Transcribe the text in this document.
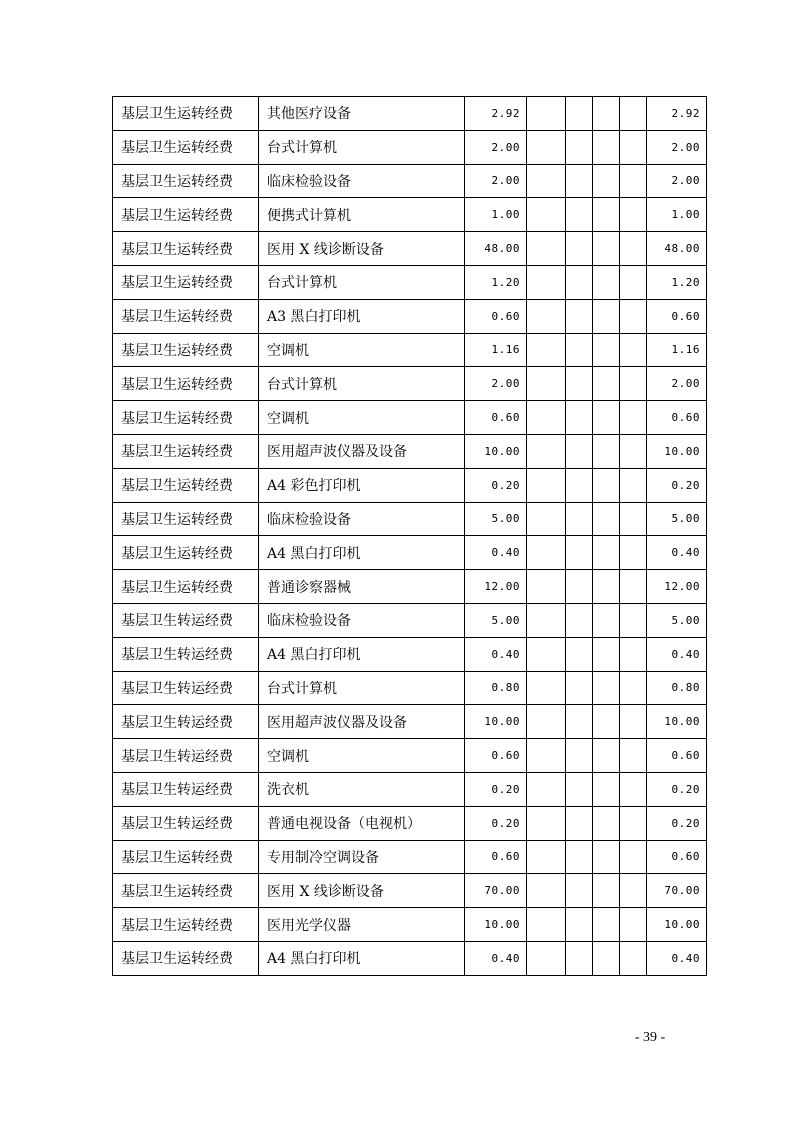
基层卫生运转经费	其他医疗设备	2.92					2.92
基层卫生运转经费	台式计算机	2.00					2.00
基层卫生运转经费	临床检验设备	2.00					2.00
基层卫生运转经费	便携式计算机	1.00					1.00
基层卫生运转经费	医用 X 线诊断设备	48.00					48.00
基层卫生运转经费	台式计算机	1.20					1.20
基层卫生运转经费	A3 黑白打印机	0.60					0.60
基层卫生运转经费	空调机	1.16					1.16
基层卫生运转经费	台式计算机	2.00					2.00
基层卫生运转经费	空调机	0.60					0.60
基层卫生运转经费	医用超声波仪器及设备	10.00					10.00
基层卫生运转经费	A4 彩色打印机	0.20					0.20
基层卫生运转经费	临床检验设备	5.00					5.00
基层卫生运转经费	A4 黑白打印机	0.40					0.40
基层卫生运转经费	普通诊察器械	12.00					12.00
基层卫生转运经费	临床检验设备	5.00					5.00
基层卫生转运经费	A4 黑白打印机	0.40					0.40
基层卫生转运经费	台式计算机	0.80					0.80
基层卫生转运经费	医用超声波仪器及设备	10.00					10.00
基层卫生转运经费	空调机	0.60					0.60
基层卫生转运经费	洗衣机	0.20					0.20
基层卫生转运经费	普通电视设备（电视机）	0.20					0.20
基层卫生运转经费	专用制冷空调设备	0.60					0.60
基层卫生运转经费	医用 X 线诊断设备	70.00					70.00
基层卫生运转经费	医用光学仪器	10.00					10.00
基层卫生运转经费	A4 黑白打印机	0.40					0.40
- 39 -
